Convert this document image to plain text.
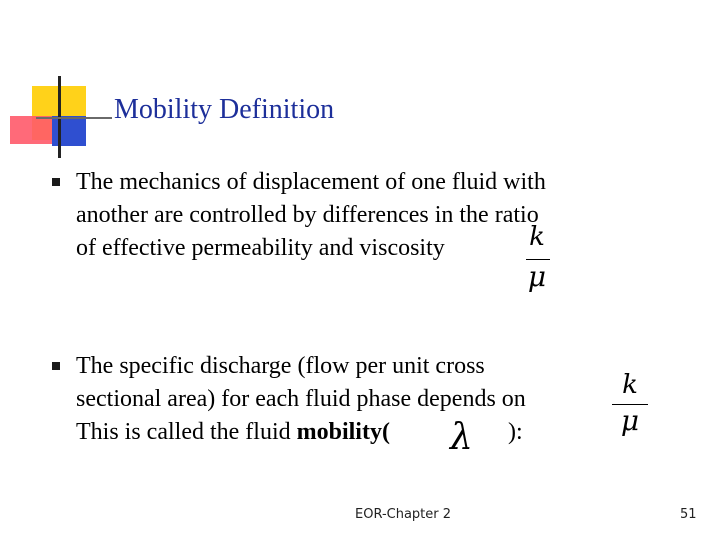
Mobility Definition
The mechanics of displacement of one fluid with
another are controlled by differences in the ratio
of effective permeability and viscosity	k
μ
The specific discharge (flow per unit cross
sectional area) for each fluid phase depends on
This is called the fluid mobility( λ ):
k
μ
EOR-Chapter 2	51
